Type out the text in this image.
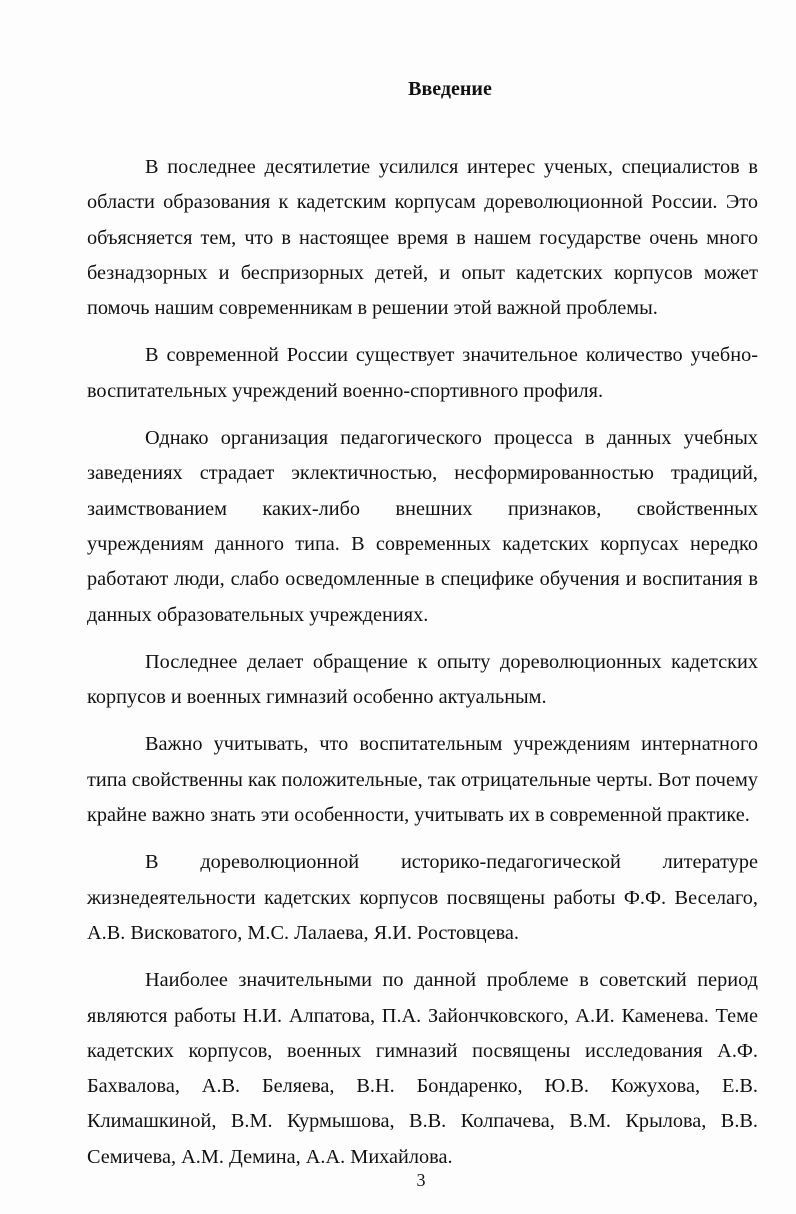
Введение

В последнее десятилетие усилился интерес ученых, специалистов в области образования к кадетским корпусам дореволюционной России. Это объясняется тем, что в настоящее время в нашем государстве очень много безнадзорных и беспризорных детей, и опыт кадетских корпусов может помочь нашим современникам в решении этой важной проблемы.

В современной России существует значительное количество учебно-воспитательных учреждений военно-спортивного профиля.

Однако организация педагогического процесса в данных учебных заведениях страдает эклектичностью, несформированностью традиций, заимствованием каких-либо внешних признаков, свойственных учреждениям данного типа. В современных кадетских корпусах нередко работают люди, слабо осведомленные в специфике обучения и воспитания в данных образовательных учреждениях.

Последнее делает обращение к опыту дореволюционных кадетских корпусов и военных гимназий особенно актуальным.

Важно учитывать, что воспитательным учреждениям интернатного типа свойственны как положительные, так отрицательные черты. Вот почему крайне важно знать эти особенности, учитывать их в современной практике.

В дореволюционной историко-педагогической литературе жизнедеятельности кадетских корпусов посвящены работы Ф.Ф. Веселаго, А.В. Висковатого, М.С. Лалаева, Я.И. Ростовцева.

Наиболее значительными по данной проблеме в советский период являются работы Н.И. Алпатова, П.А. Зайончковского, А.И. Каменева. Теме кадетских корпусов, военных гимназий посвящены исследования А.Ф. Бахвалова, А.В. Беляева, В.Н. Бондаренко, Ю.В. Кожухова, Е.В. Климашкиной, В.М. Курмышова, В.В. Колпачева, В.М. Крылова, В.В. Семичева, А.М. Демина, А.А. Михайлова.

3
